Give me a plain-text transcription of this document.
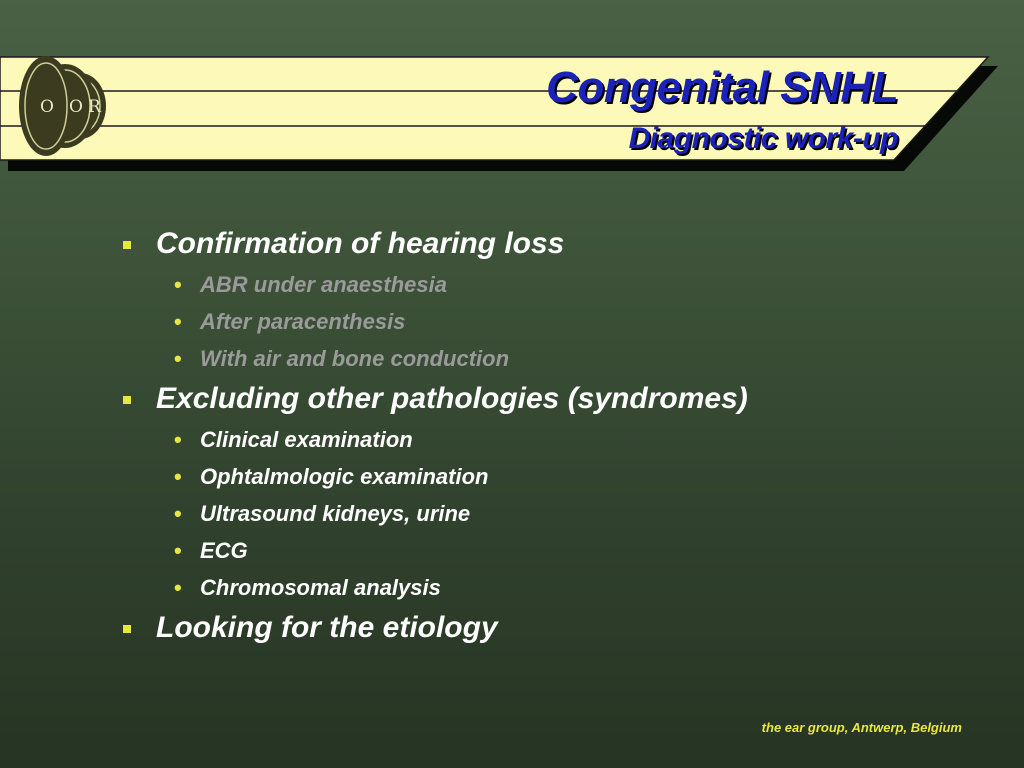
O O R	Congenital SNHL
Diagnostic work-up
Confirmation of hearing loss
• ABR under anaesthesia
• After paracenthesis
• With air and bone conduction
Excluding other pathologies (syndromes)
• Clinical examination
• Ophtalmologic examination
• Ultrasound kidneys, urine
• ECG
• Chromosomal analysis
Looking for the etiology
the ear group, Antwerp, Belgium
